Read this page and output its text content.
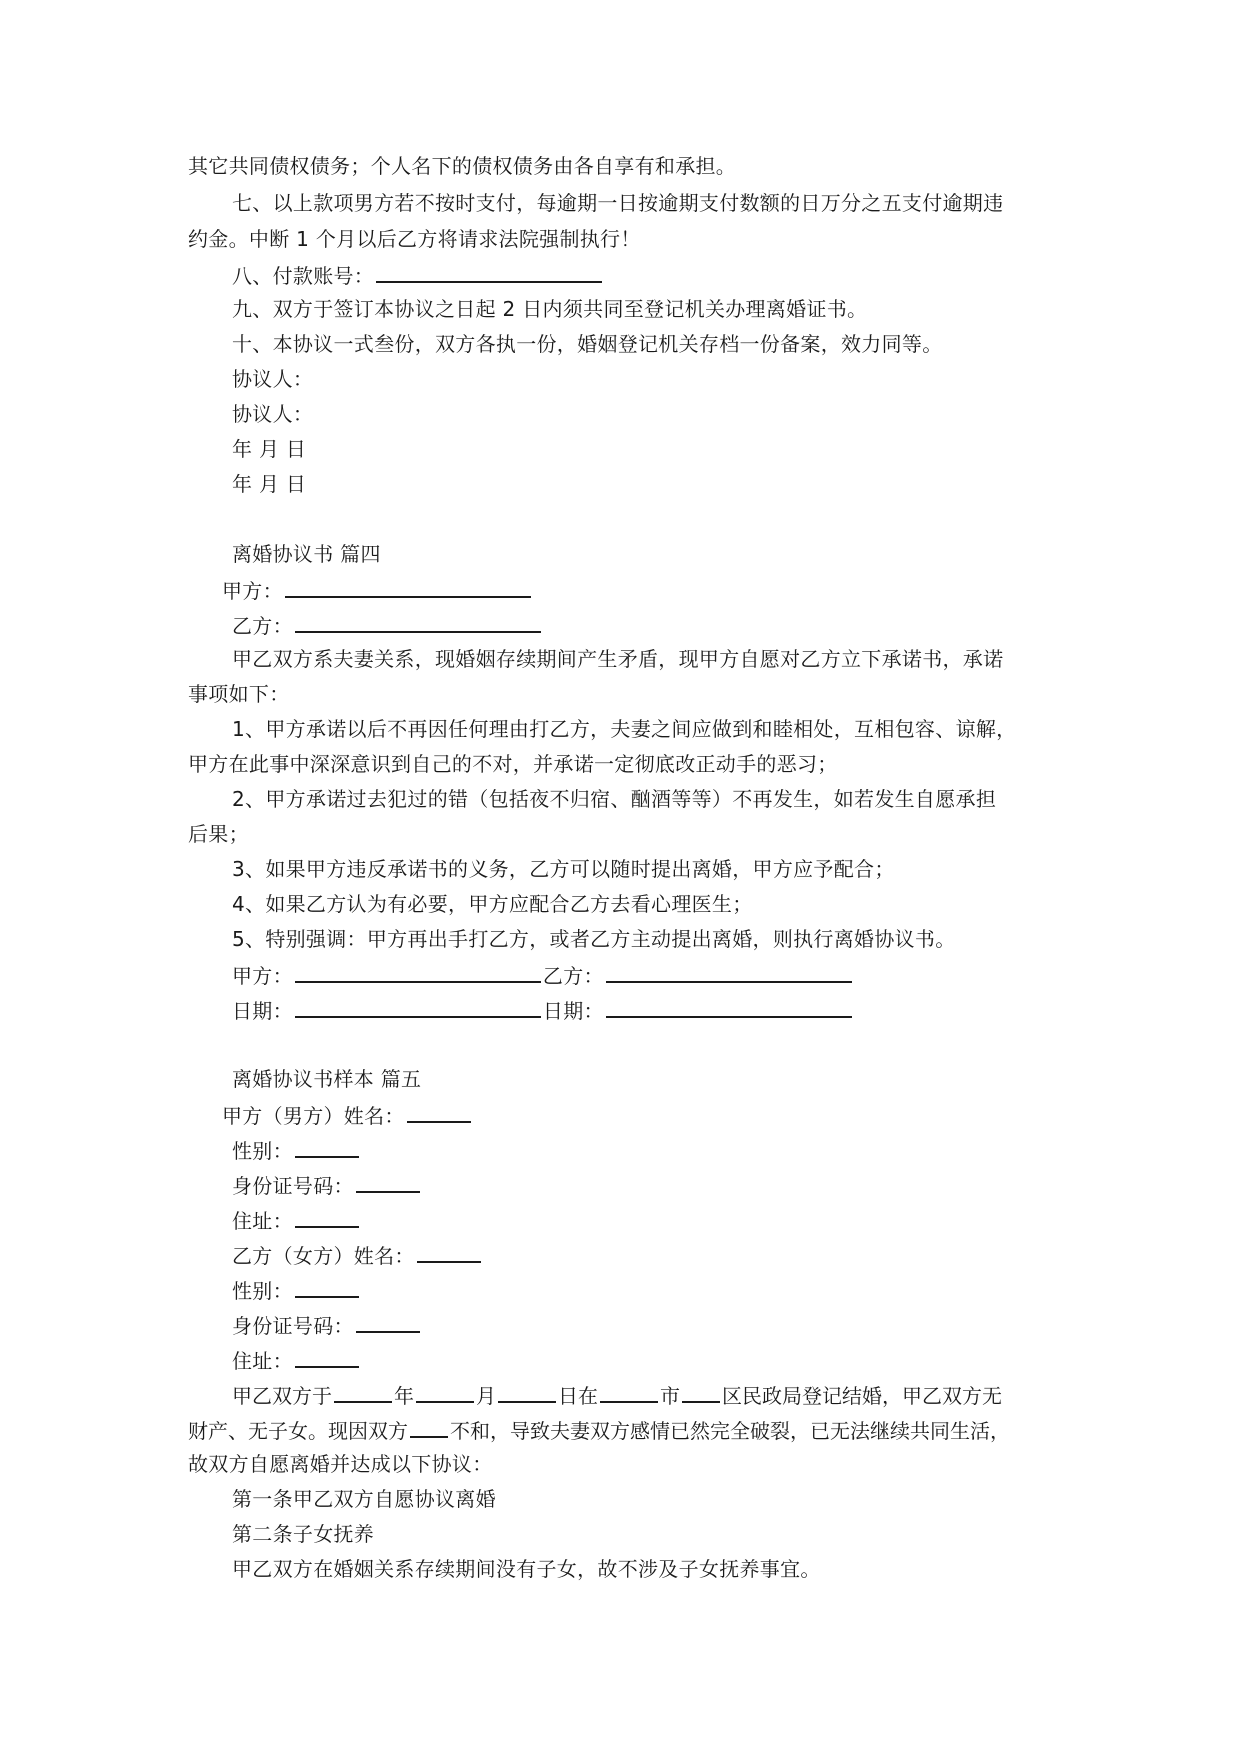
其它共同债权债务；个人名下的债权债务由各自享有和承担。
七、以上款项男方若不按时支付，每逾期一日按逾期支付数额的日万分之五支付逾期违
约金。中断 1 个月以后乙方将请求法院强制执行！
八、付款账号：
九、双方于签订本协议之日起 2 日内须共同至登记机关办理离婚证书。
十、本协议一式叁份，双方各执一份，婚姻登记机关存档一份备案，效力同等。
协议人：
协议人：
年 月 日
年 月 日
离婚协议书 篇四
甲方：
乙方：
甲乙双方系夫妻关系，现婚姻存续期间产生矛盾，现甲方自愿对乙方立下承诺书，承诺
事项如下：
1、甲方承诺以后不再因任何理由打乙方，夫妻之间应做到和睦相处，互相包容、谅解，
甲方在此事中深深意识到自己的不对，并承诺一定彻底改正动手的恶习；
2、甲方承诺过去犯过的错（包括夜不归宿、酗酒等等）不再发生，如若发生自愿承担
后果；
3、如果甲方违反承诺书的义务，乙方可以随时提出离婚，甲方应予配合；
4、如果乙方认为有必要，甲方应配合乙方去看心理医生；
5、特别强调：甲方再出手打乙方，或者乙方主动提出离婚，则执行离婚协议书。
甲方：	乙方：
日期：	日期：
离婚协议书样本 篇五
甲方（男方）姓名：
性别：
身份证号码：
住址：
乙方（女方）姓名：
性别：
身份证号码：
住址：
甲乙双方于	年	月	日在	市 区民政局登记结婚，甲乙双方无
财产、无子女。现因双方 不和，导致夫妻双方感情已然完全破裂，已无法继续共同生活，
故双方自愿离婚并达成以下协议：
第一条甲乙双方自愿协议离婚
第二条子女抚养
甲乙双方在婚姻关系存续期间没有子女，故不涉及子女抚养事宜。
